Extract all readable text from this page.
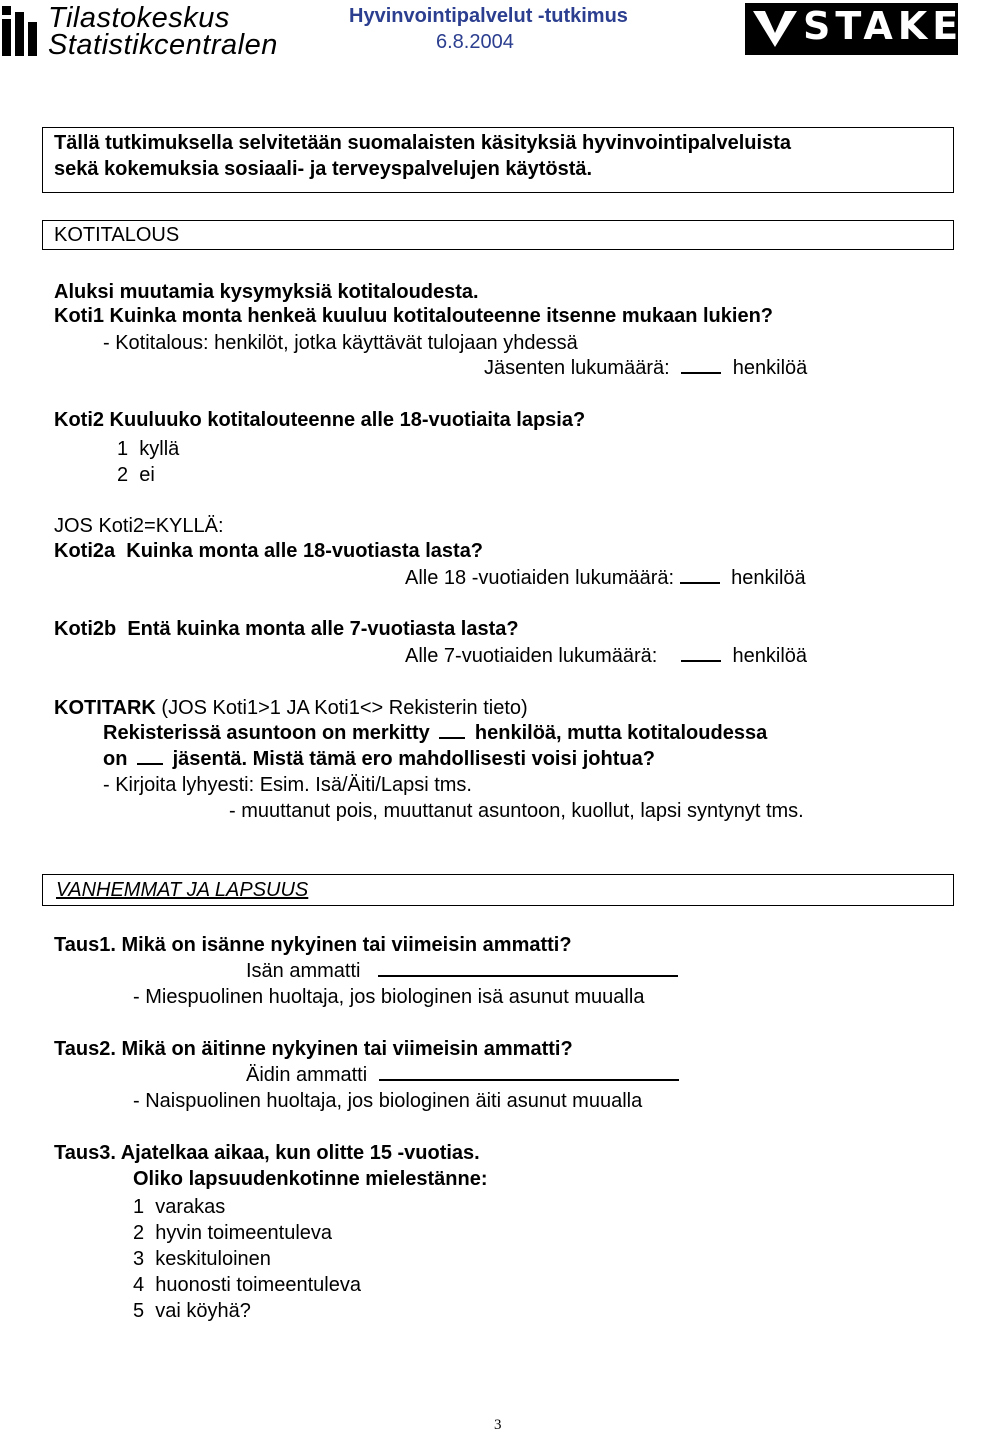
Tilastokeskus
Statistikcentralen
Hyvinvointipalvelut -tutkimus
6.8.2004	STAKES
Tällä tutkimuksella selvitetään suomalaisten käsityksiä hyvinvointipalveluista
sekä kokemuksia sosiaali- ja terveyspalvelujen käytöstä.
KOTITALOUS
Aluksi muutamia kysymyksiä kotitaloudesta.
Koti1 Kuinka monta henkeä kuuluu kotitalouteenne itsenne mukaan lukien?
- Kotitalous: henkilöt, jotka käyttävät tulojaan yhdessä
Jäsenten lukumäärä:	henkilöä
Koti2 Kuuluuko kotitalouteenne alle 18-vuotiaita lapsia?
1 kyllä
2 ei
JOS Koti2=KYLLÄ:
Koti2a Kuinka monta alle 18-vuotiasta lasta?
Alle 18 -vuotiaiden lukumäärä:	henkilöä
Koti2b Entä kuinka monta alle 7-vuotiasta lasta?
Alle 7-vuotiaiden lukumäärä:	henkilöä
KOTITARK (JOS Koti1>1 JA Koti1<> Rekisterin tieto)
Rekisterissä asuntoon on merkitty henkilöä, mutta kotitaloudessa
on jäsentä. Mistä tämä ero mahdollisesti voisi johtua?
- Kirjoita lyhyesti: Esim. Isä/Äiti/Lapsi tms.
- muuttanut pois, muuttanut asuntoon, kuollut, lapsi syntynyt tms.
VANHEMMAT JA LAPSUUS
Taus1. Mikä on isänne nykyinen tai viimeisin ammatti?
Isän ammatti
- Miespuolinen huoltaja, jos biologinen isä asunut muualla
Taus2. Mikä on äitinne nykyinen tai viimeisin ammatti?
Äidin ammatti
- Naispuolinen huoltaja, jos biologinen äiti asunut muualla
Taus3. Ajatelkaa aikaa, kun olitte 15 -vuotias.
Oliko lapsuudenkotinne mielestänne:
1 varakas
2 hyvin toimeentuleva
3 keskituloinen
4 huonosti toimeentuleva
5 vai köyhä?
3
